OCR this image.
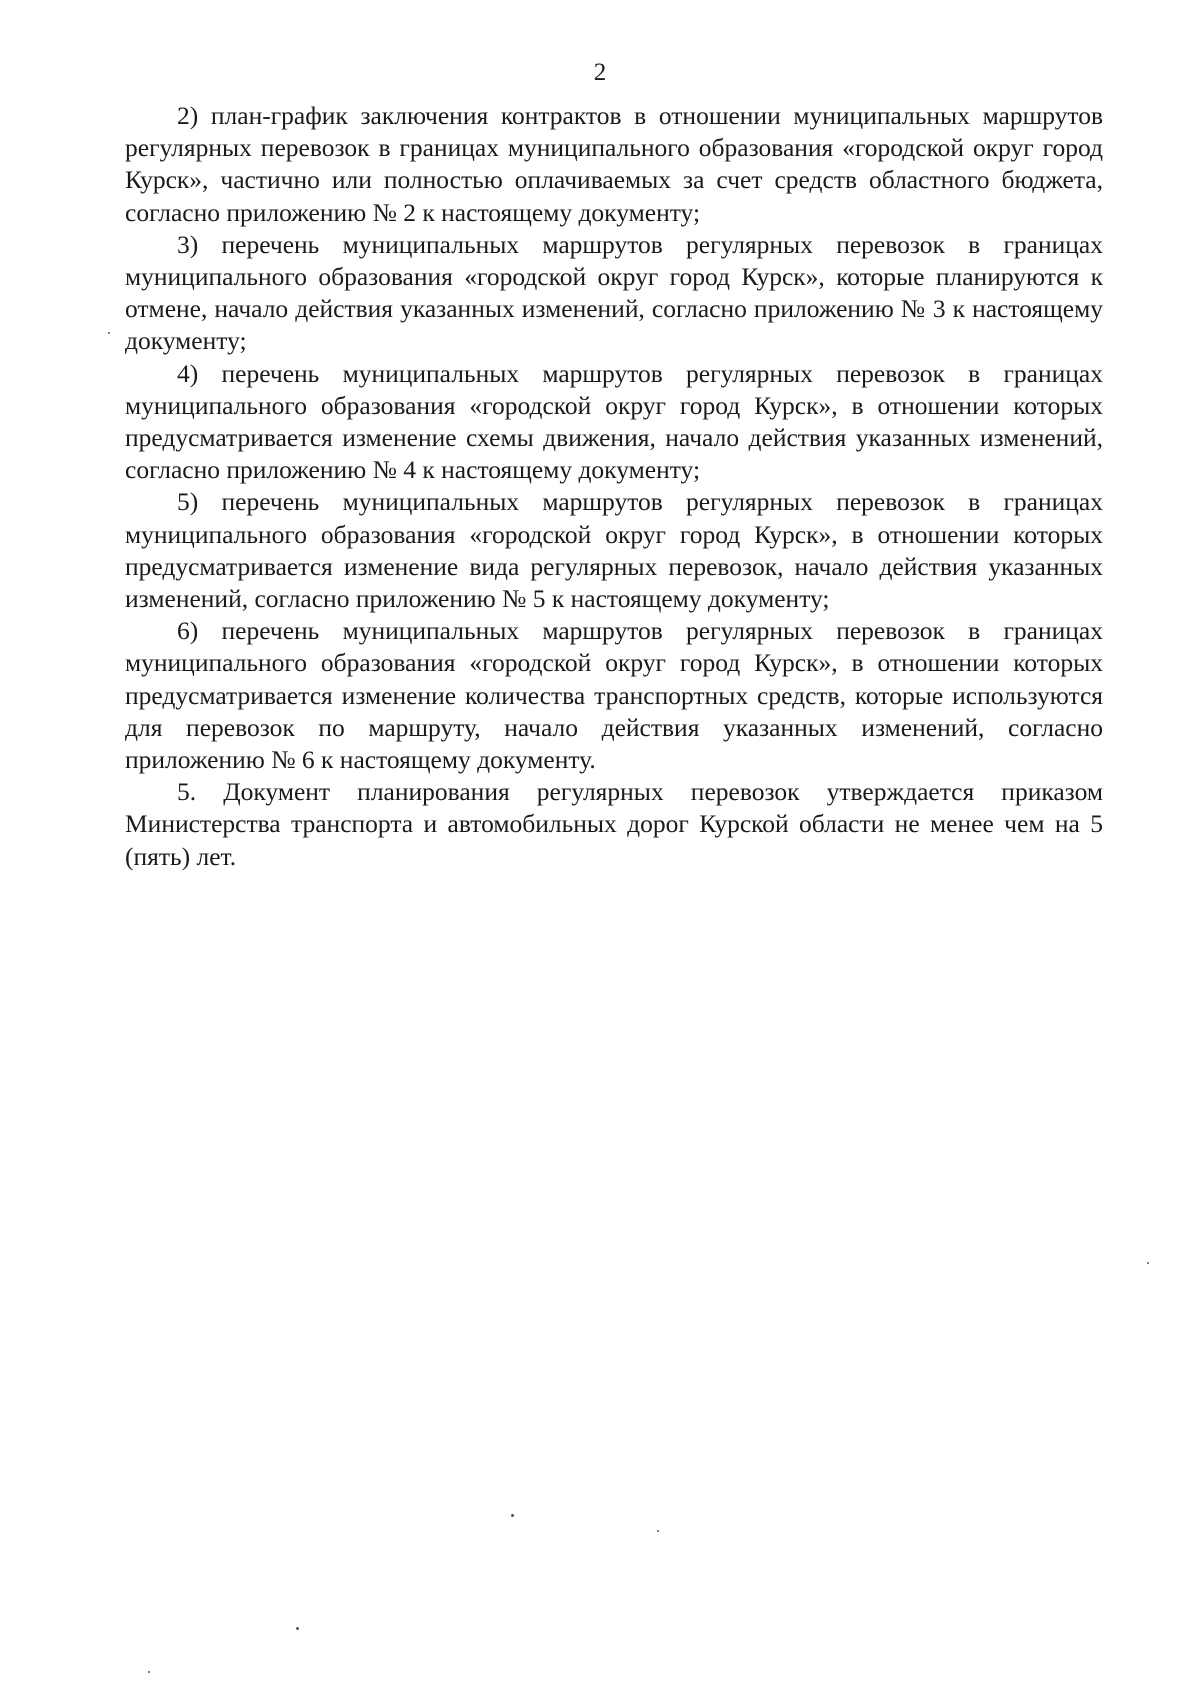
2

2) план-график заключения контрактов в отношении муниципальных маршрутов регулярных перевозок в границах муниципального образования «городской округ город Курск», частично или полностью оплачиваемых за счет средств областного бюджета, согласно приложению № 2 к настоящему документу;

3) перечень муниципальных маршрутов регулярных перевозок в границах муниципального образования «городской округ город Курск», которые планируются к отмене, начало действия указанных изменений, согласно приложению № 3 к настоящему документу;

4) перечень муниципальных маршрутов регулярных перевозок в границах муниципального образования «городской округ город Курск», в отношении которых предусматривается изменение схемы движения, начало действия указанных изменений, согласно приложению № 4 к настоящему документу;

5) перечень муниципальных маршрутов регулярных перевозок в границах муниципального образования «городской округ город Курск», в отношении которых предусматривается изменение вида регулярных перевозок, начало действия указанных изменений, согласно приложению № 5 к настоящему документу;

6) перечень муниципальных маршрутов регулярных перевозок в границах муниципального образования «городской округ город Курск», в отношении которых предусматривается изменение количества транспортных средств, которые используются для перевозок по маршруту, начало действия указанных изменений, согласно приложению № 6 к настоящему документу.

5. Документ планирования регулярных перевозок утверждается приказом Министерства транспорта и автомобильных дорог Курской области не менее чем на 5 (пять) лет.
